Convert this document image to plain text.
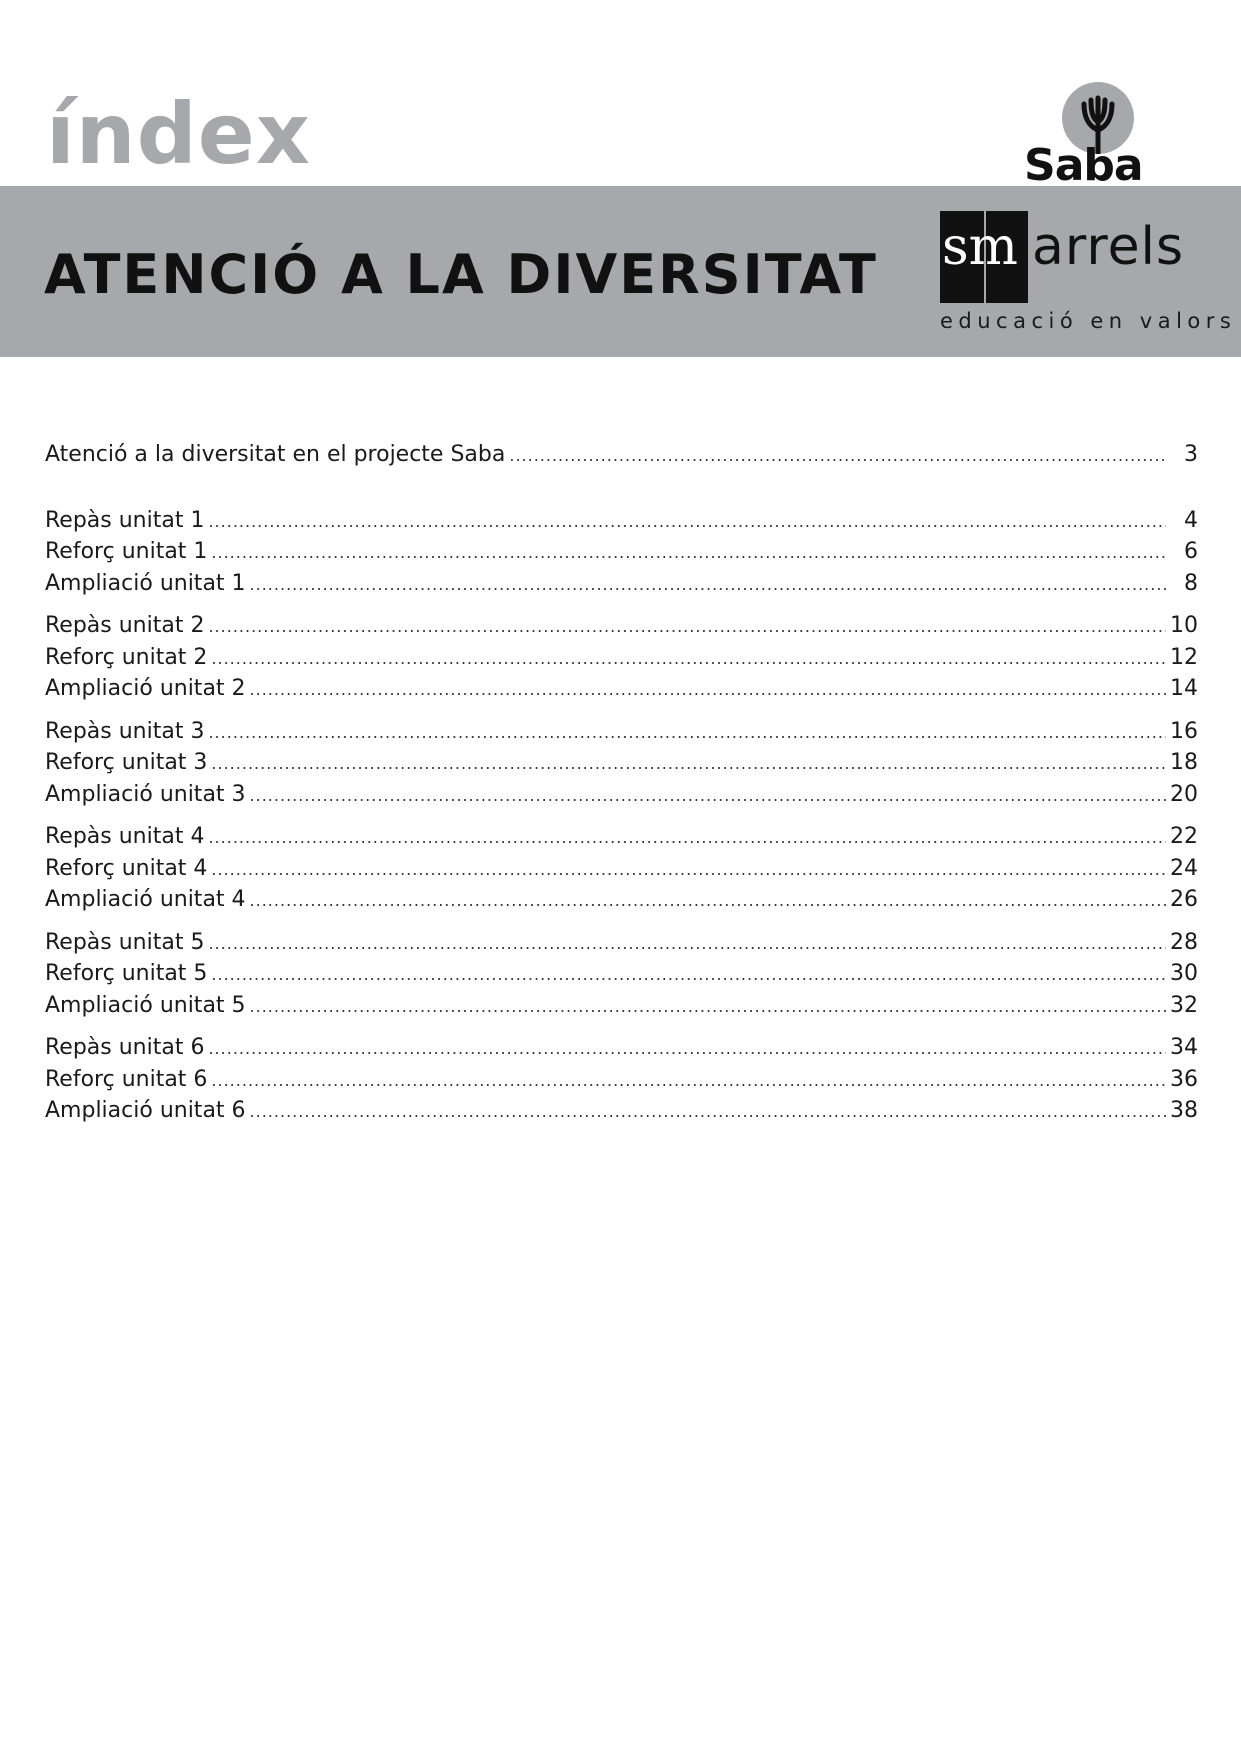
índex
ATENCIÓ A LA DIVERSITAT sm arrels
educació en valors
Saba
Atenció a la diversitat en el projecte Saba .....	3
Repàs unitat 1 .....	4
Reforç unitat 1 .....	6
Ampliació unitat 1 .....	8
Repàs unitat 2 .....	10
Reforç unitat 2 .....	12
Ampliació unitat 2 .....	14
Repàs unitat 3 .....	16
Reforç unitat 3 .....	18
Ampliació unitat 3 .....	20
Repàs unitat 4 .....	22
Reforç unitat 4 .....	24
Ampliació unitat 4 .....	26
Repàs unitat 5 .....	28
Reforç unitat 5 .....	30
Ampliació unitat 5 .....	32
Repàs unitat 6 .....	34
Reforç unitat 6 .....	36
Ampliació unitat 6 .....	38
